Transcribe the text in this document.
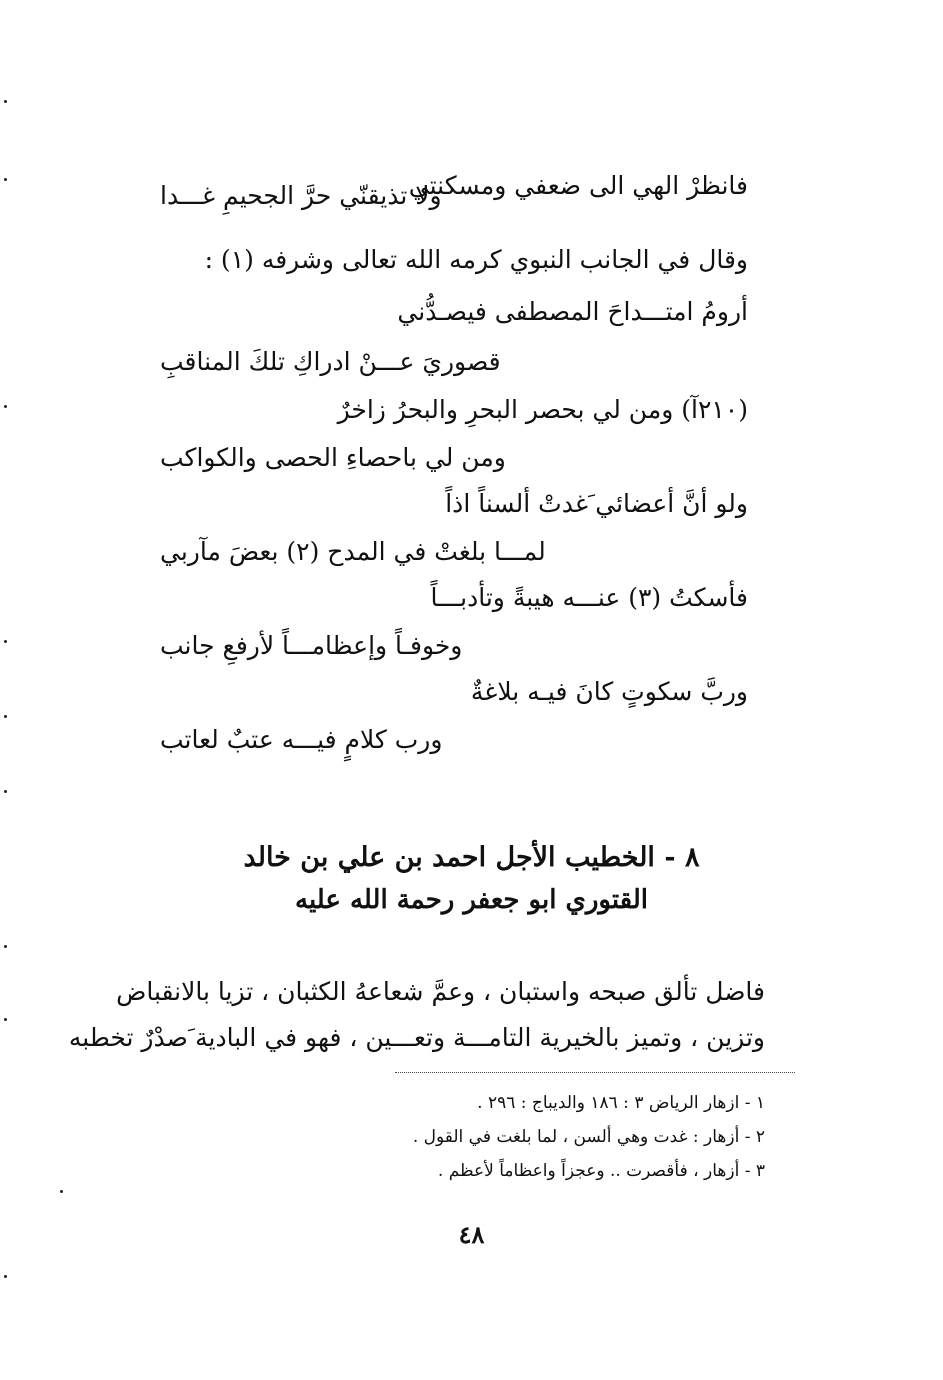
فانظرْ الهي الى ضعفي ومسكنتي
ولا تذيقنّي حرَّ الجحيمِ غـــدا
وقال في الجانب النبوي كرمه الله تعالى وشرفه (١) :
أرومُ امتـــداحَ المصطفى فيصـدُّني
قصوريَ عـــنْ ادراكِ تلكَ المناقبِ
(٢١٠آ) ومن لي بحصر البحرِ والبحرُ زاخرٌ
ومن لي باحصاءِ الحصى والكواكب
ولو أنَّ أعضائي َغدتْ ألسناً اذاً
لمـــا بلغتْ في المدح (٢) بعضَ مآربي
فأسكتُ (٣) عنـــه هيبةً وتأدبـــاً
وخوفـاً وإعظامـــاً لأرفعِ جانب
وربَّ سكوتٍ كانَ فيـه بلاغةٌ
ورب كلامٍ فيـــه عتبٌ لعاتب
٨ - الخطيب الأجل احمد بن علي بن خالد
القتوري ابو جعفر رحمة الله عليه
فاضل تألق صبحه واستبان ، وعمَّ شعاعهُ الكثبان ، تزيا بالانقباض
وتزين ، وتميز بالخيرية التامـــة وتعـــين ، فهو في البادية َصدْرٌ تخطبه
١ - ازهار الرياض ٣ : ١٨٦ والديباج : ٢٩٦ .
٢ - أزهار : غدت وهي ألسن ، لما بلغت في القول .
٣ - أزهار ، فأقصرت .. وعجزاً واعظاماً لأعظم .
٤٨
